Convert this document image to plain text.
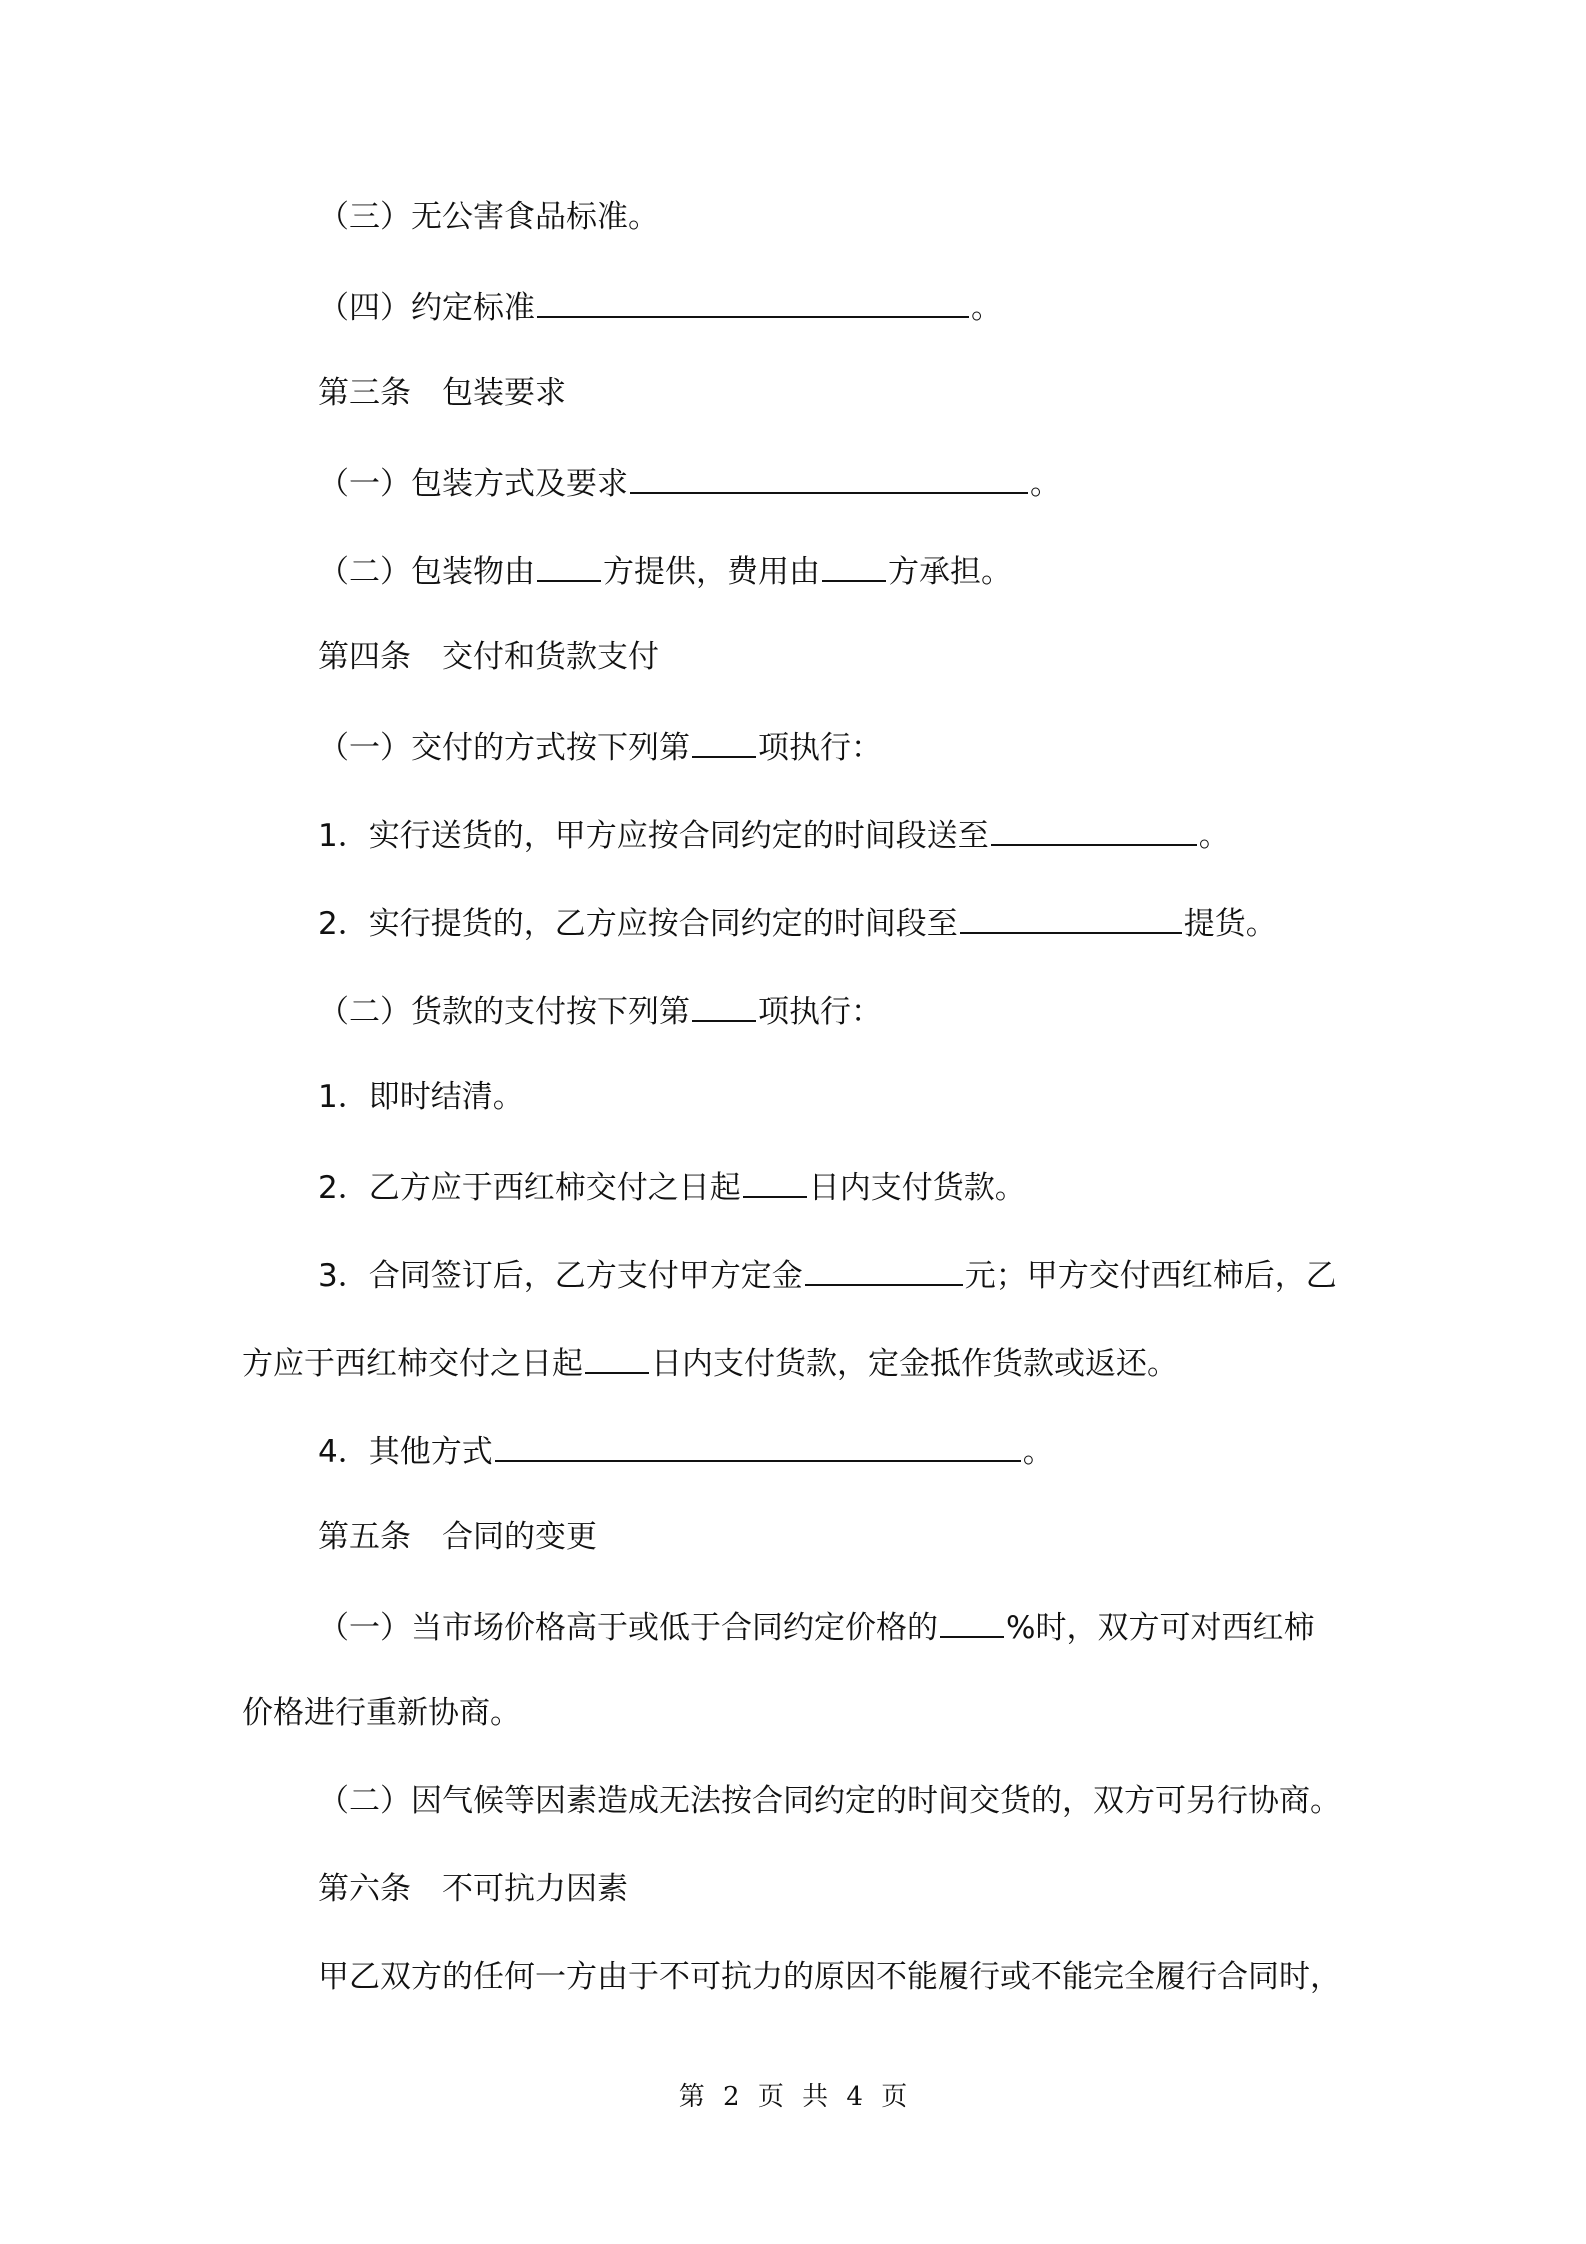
（三）无公害食品标准。
（四）约定标准	。
第三条　包装要求
（一）包装方式及要求	。
（二）包装物由 方提供，费用由 方承担。
第四条　交付和货款支付
（一）交付的方式按下列第 项执行：
1．实行送货的，甲方应按合同约定的时间段送至	。
2．实行提货的，乙方应按合同约定的时间段至	提货。
（二）货款的支付按下列第 项执行：
1．即时结清。
2．乙方应于西红柿交付之日起 日内支付货款。
3．合同签订后，乙方支付甲方定金	元；甲方交付西红柿后，乙
方应于西红柿交付之日起 日内支付货款，定金抵作货款或返还。
4．其他方式	。
第五条　合同的变更
（一）当市场价格高于或低于合同约定价格的 %时，双方可对西红柿
价格进行重新协商。
（二）因气候等因素造成无法按合同约定的时间交货的，双方可另行协商。
第六条　不可抗力因素
甲乙双方的任何一方由于不可抗力的原因不能履行或不能完全履行合同时，
第 2 页 共 4 页
